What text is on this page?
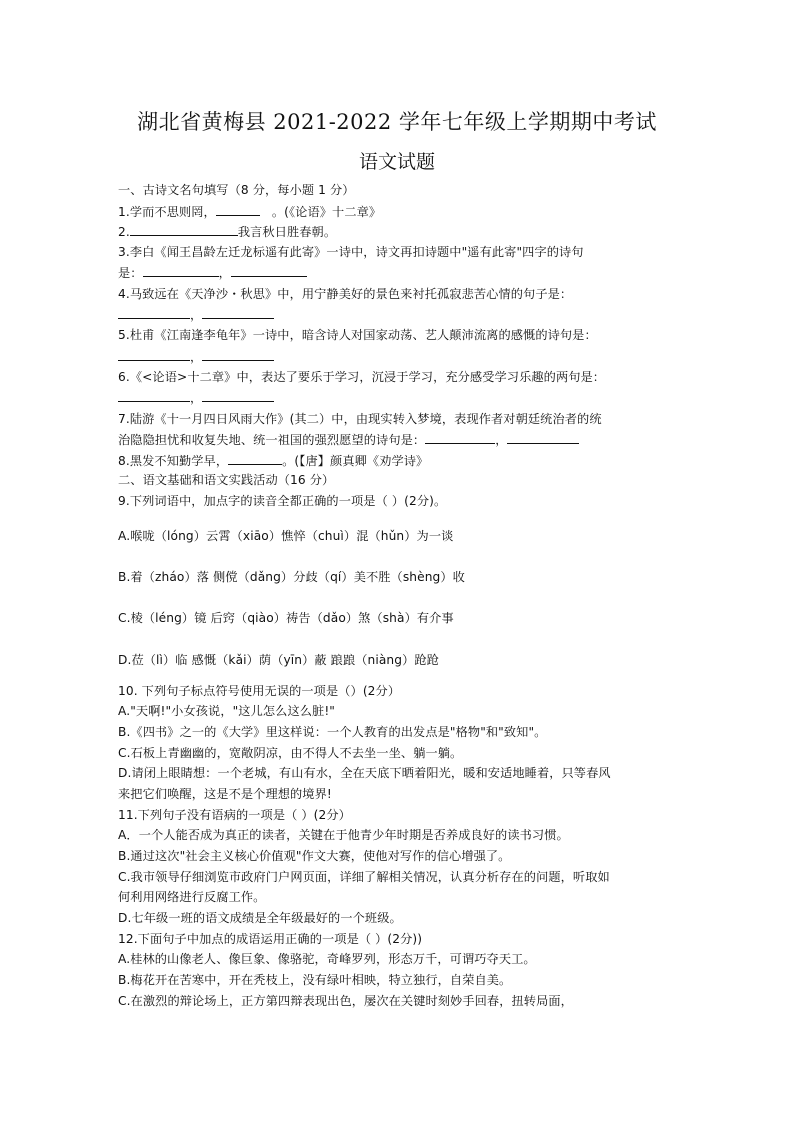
湖北省黄梅县 2021-2022 学年七年级上学期期中考试
语文试题
一、古诗文名句填写（8 分，每小题 1 分）
1.学而不思则罔，	。(《论语》十二章》
2.	我言秋日胜春朝。
3.李白《闻王昌龄左迁龙标遥有此寄》一诗中，诗文再扣诗题中"遥有此寄"四字的诗句
是：	，
4.马致远在《天净沙・秋思》中，用宁静美好的景色来衬托孤寂悲苦心情的句子是：
，
5.杜甫《江南逢李龟年》一诗中，暗含诗人对国家动荡、艺人颠沛流离的感慨的诗句是：
，
6.《<论语>十二章》中，表达了要乐于学习，沉浸于学习，充分感受学习乐趣的两句是：
，
7.陆游《十一月四日风雨大作》(其二）中，由现实转入梦境，表现作者对朝廷统治者的统
治隐隐担忧和收复失地、统一祖国的强烈愿望的诗句是：	，
8.黑发不知勤学早，	。(【唐】颜真卿《劝学诗》
二、语文基础和语文实践活动（16 分）
9.下列词语中，加点字的读音全都正确的一项是（ ）(2分)。
A.喉咙（lóng）云霄（xiāo）憔悴（chuì）混（hǔn）为一谈
B.着（zháo）落 侧傥（dǎng）分歧（qí）美不胜（shèng）收
C.棱（léng）镜 后窍（qiào）祷告（dǎo）煞（shà）有介事
D.莅（lì）临 感慨（kǎi）荫（yīn）蔽 踉踉（niàng）跄跄
10. 下列句子标点符号使用无误的一项是（）(2分）
A."天啊!"小女孩说，"这儿怎么这么脏!"
B.《四书》之一的《大学》里这样说：一个人教育的出发点是"格物"和"致知"。
C.石板上青幽幽的，宽敞阴凉，由不得人不去坐一坐、躺一躺。
D.请闭上眼睛想：一个老城，有山有水，全在天底下晒着阳光，暖和安适地睡着，只等春风
来把它们唤醒，这是不是个理想的境界!
11.下列句子没有语病的一项是（ ）(2分）
A．一个人能否成为真正的读者，关键在于他青少年时期是否养成良好的读书习惯。
B.通过这次"社会主义核心价值观"作文大赛，使他对写作的信心增强了。
C.我市领导仔细浏览市政府门户网页面，详细了解相关情况，认真分析存在的问题，听取如
何利用网络进行反腐工作。
D.七年级一班的语文成绩是全年级最好的一个班级。
12.下面句子中加点的成语运用正确的一项是（ ）(2分))
A.桂林的山像老人、像巨象、像骆驼，奇峰罗列，形态万千，可谓巧夺天工。
B.梅花开在苦寒中，开在秃枝上，没有绿叶相映，特立独行，自荣自美。
C.在激烈的辩论场上，正方第四辩表现出色，屡次在关键时刻妙手回春，扭转局面，
